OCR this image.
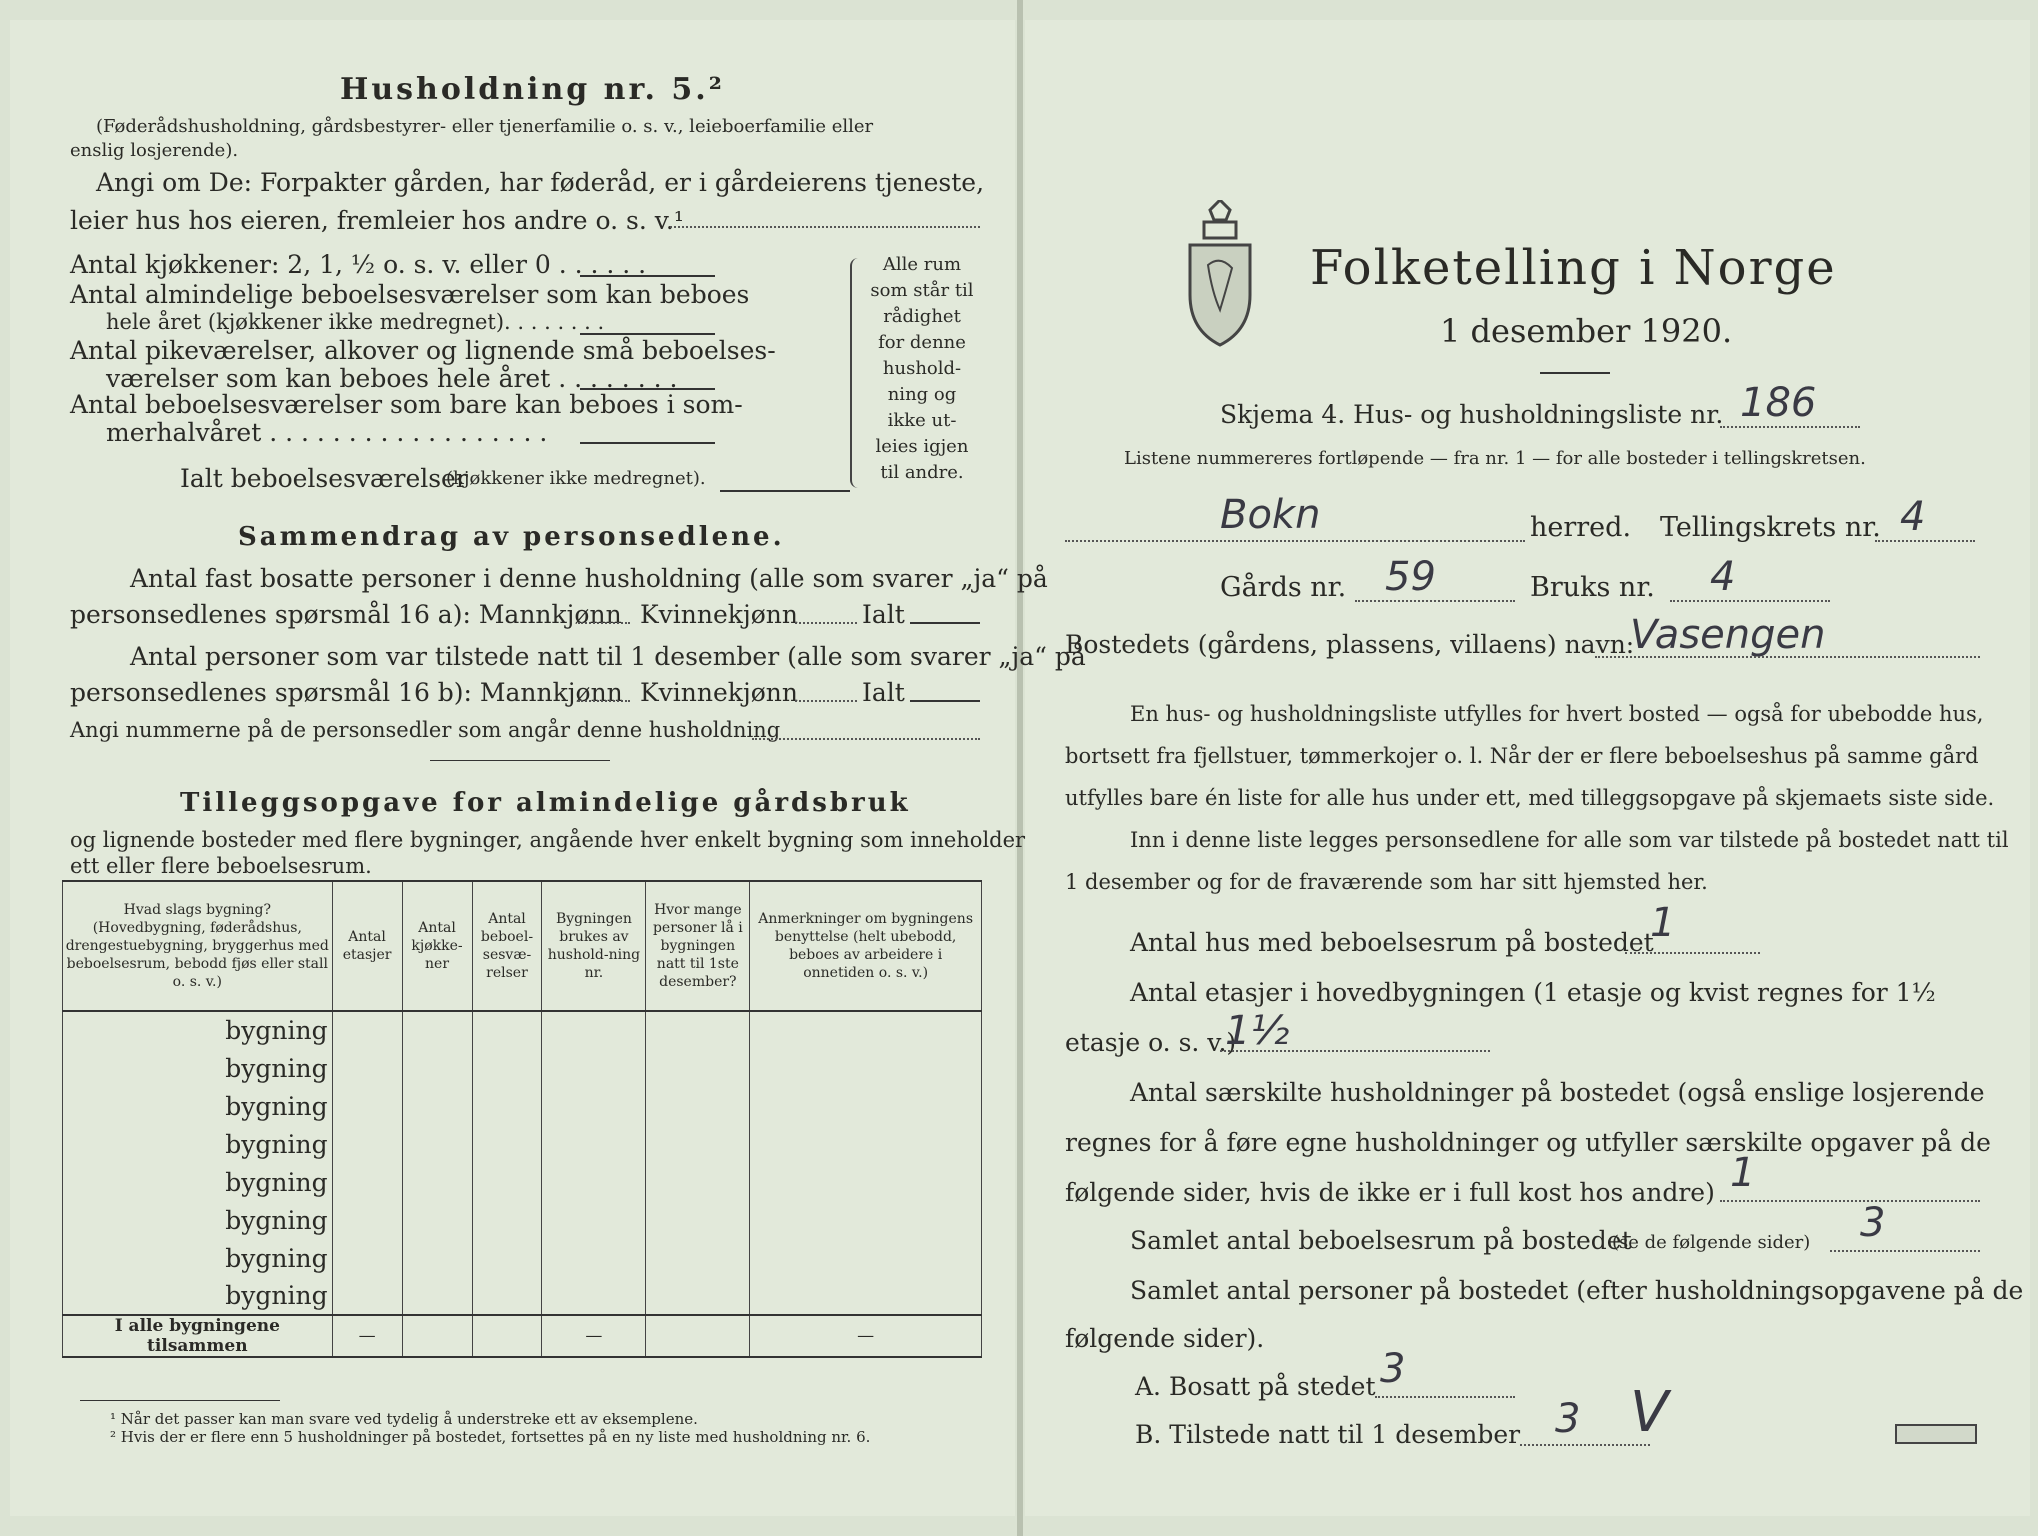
Husholdning nr. 5.²
(Føderådshusholdning, gårdsbestyrer- eller tjenerfamilie o. s. v., leieboerfamilie eller
enslig losjerende).
Angi om De: Forpakter gården, har føderåd, er i gårdeierens tjeneste,
leier hus hos eieren, fremleier hos andre o. s. v.¹
Antal kjøkkener: 2, 1, ½ o. s. v. eller 0 . . . . . .
Antal almindelige beboelsesværelser som kan beboes
hele året (kjøkkener ikke medregnet). . . . . . . .
Antal pikeværelser, alkover og lignende små beboelses-
værelser som kan beboes hele året . . . . . . . .
Antal beboelsesværelser som bare kan beboes i som-
merhalvåret . . . . . . . . . . . . . . . . . .
Ialt beboelsesværelser
(kjøkkener ikke medregnet).
Alle rum
som står til
rådighet
for denne
hushold-
ning og
ikke ut-
leies igjen
til andre.
Sammendrag av personsedlene.
Antal fast bosatte personer i denne husholdning (alle som svarer „ja“ på
personsedlenes spørsmål 16 a): Mannkjønn Kvinnekjønn	Ialt
Antal personer som var tilstede natt til 1 desember (alle som svarer „ja“ på
personsedlenes spørsmål 16 b): Mannkjønn Kvinnekjønn	Ialt
Angi nummerne på de personsedler som angår denne husholdning
Tilleggsopgave for almindelige gårdsbruk
og lignende bosteder med flere bygninger, angående hver enkelt bygning som inneholder
ett eller flere beboelsesrum.
Hvad slags bygning? (Hovedbygning, føderådshus, drengestuebygning, bryggerhus med beboelsesrum, bebodd fjøs eller stall o. s. v.)	Antal etasjer	Antal kjøkke-ner	Antal beboel-sesvæ-relser	Bygningen brukes av hushold-ning nr.	Hvor mange personer lå i bygningen natt til 1ste desember?	Anmerkninger om bygningens benyttelse (helt ubebodd, beboes av arbeidere i onnetiden o. s. v.)
bygning						
bygning						
bygning						
bygning						
bygning						
bygning						
bygning						
bygning						
I alle bygningene tilsammen	—			—		—
¹ Når det passer kan man svare ved tydelig å understreke ett av eksemplene.
² Hvis der er flere enn 5 husholdninger på bostedet, fortsettes på en ny liste med husholdning nr. 6.
Folketelling i Norge
1 desember 1920.
Skjema 4. Hus- og husholdningsliste nr. 186
Listene nummereres fortløpende — fra nr. 1 — for alle bosteder i tellingskretsen.
Bokn	herred. Tellingskrets nr. 4
Gårds nr. 59	Bruks nr. 4
Bostedets (gårdens, plassens, villaens) navn:
Vasengen
En hus- og husholdningsliste utfylles for hvert bosted — også for ubebodde hus,
bortsett fra fjellstuer, tømmerkojer o. l. Når der er flere beboelseshus på samme gård
utfylles bare én liste for alle hus under ett, med tilleggsopgave på skjemaets siste side.
Inn i denne liste legges personsedlene for alle som var tilstede på bostedet natt til
1 desember og for de fraværende som har sitt hjemsted her.
Antal hus med beboelsesrum på bostedet
1
Antal etasjer i hovedbygningen (1 etasje og kvist regnes for 1½
etasje o. s. v.)
1½
Antal særskilte husholdninger på bostedet (også enslige losjerende
regnes for å føre egne husholdninger og utfyller særskilte opgaver på de
følgende sider, hvis de ikke er i full kost hos andre) 1
Samlet antal beboelsesrum på bostedet
(se de følgende sider) 3
Samlet antal personer på bostedet (efter husholdningsopgavene på de
følgende sider).
A. Bosatt på stedet 3
B. Tilstede natt til 1 desember 3 V
